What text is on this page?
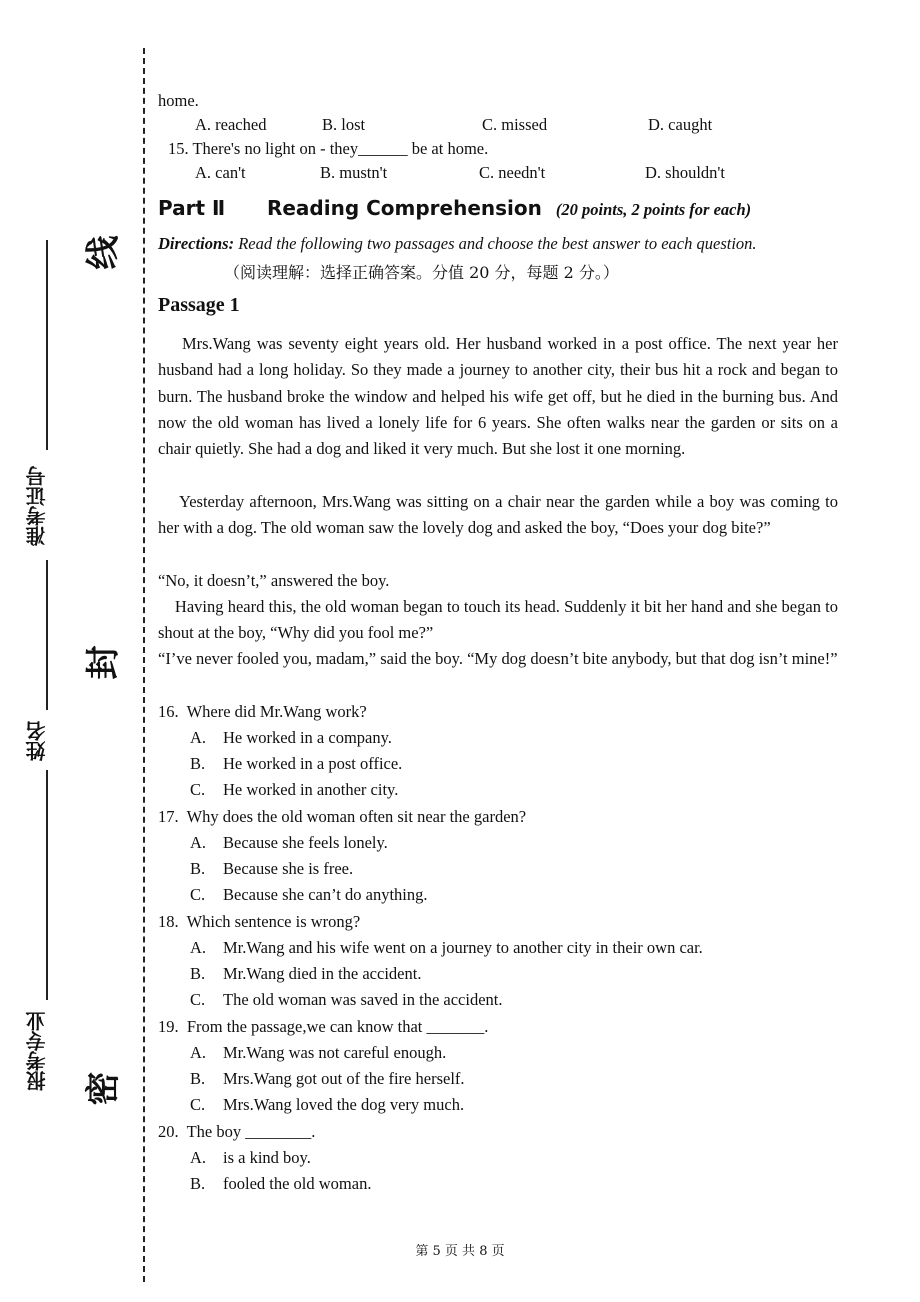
线
封
密
准考证号
姓名
报考专业
home.
A. reached	B. lost	C. missed	D. caught
15. There's no light on - they______ be at home.
A. can't	B. mustn't	C. needn't	D. shouldn't
Part Ⅱ      Reading Comprehension (20 points, 2 points for each)
Directions: Read the following two passages and choose the best answer to each question.
（阅读理解：选择正确答案。分值 20 分，每题 2 分。）
Passage 1
Mrs.Wang was seventy eight years old. Her husband worked in a post office. The next year her husband had a long holiday. So they made a journey to another city, their bus hit a rock and began to burn. The husband broke the window and helped his wife get off, but he died in the burning bus. And now the old woman has lived a lonely life for 6 years. She often walks near the garden or sits on a chair quietly. She had a dog and liked it very much. But she lost it one morning.
Yesterday afternoon, Mrs.Wang was sitting on a chair near the garden while a boy was coming to her with a dog. The old woman saw the lovely dog and asked the boy, “Does your dog bite?”
“No, it doesn’t,” answered the boy.
Having heard this, the old woman began to touch its head. Suddenly it bit her hand and she began to shout at the boy, “Why did you fool me?”
“I’ve never fooled you, madam,” said the boy. “My dog doesn’t bite anybody, but that dog isn’t mine!”
16.  Where did Mr.Wang work?
A. He worked in a company.
B. He worked in a post office.
C. He worked in another city.
17.  Why does the old woman often sit near the garden?
A. Because she feels lonely.
B. Because she is free.
C. Because she can’t do anything.
18.  Which sentence is wrong?
A. Mr.Wang and his wife went on a journey to another city in their own car.
B. Mr.Wang died in the accident.
C. The old woman was saved in the accident.
19.  From the passage,we can know that _______.
A. Mr.Wang was not careful enough.
B. Mrs.Wang got out of the fire herself.
C. Mrs.Wang loved the dog very much.
20.  The boy ________.
A. is a kind boy.
B. fooled the old woman.
第 5 页 共 8 页
